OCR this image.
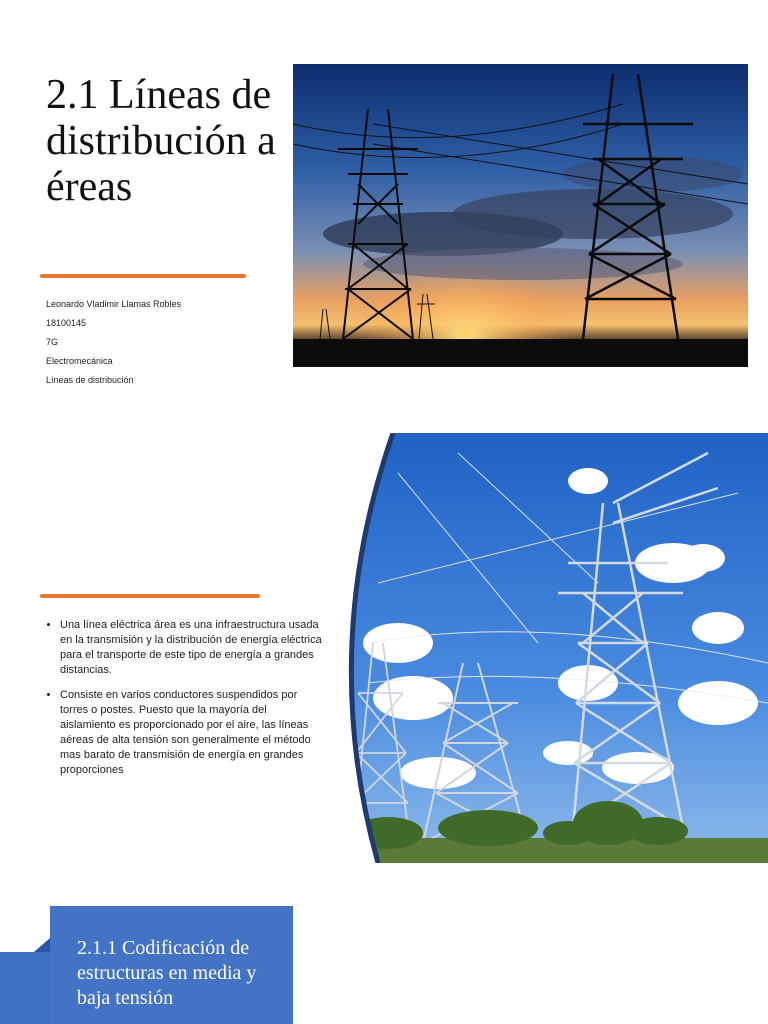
2.1 Líneas de distribución aéreas
Leonardo Vladimir Llamas Robles
18100145
7G
Electromecánica
Líneas de distribución
• Una línea eléctrica área es una infraestructura usada en la transmisión y la distribución de energía eléctrica para el transporte de este tipo de energía a grandes distancias.
• Consiste en varios conductores suspendidos por torres o postes. Puesto que la mayoría del aislamiento es proporcionado por el aire, las líneas aéreas de alta tensión son generalmente el método mas barato de transmisión de energía en grandes proporciones
2.1.1 Codificación de estructuras en media y baja tensión
